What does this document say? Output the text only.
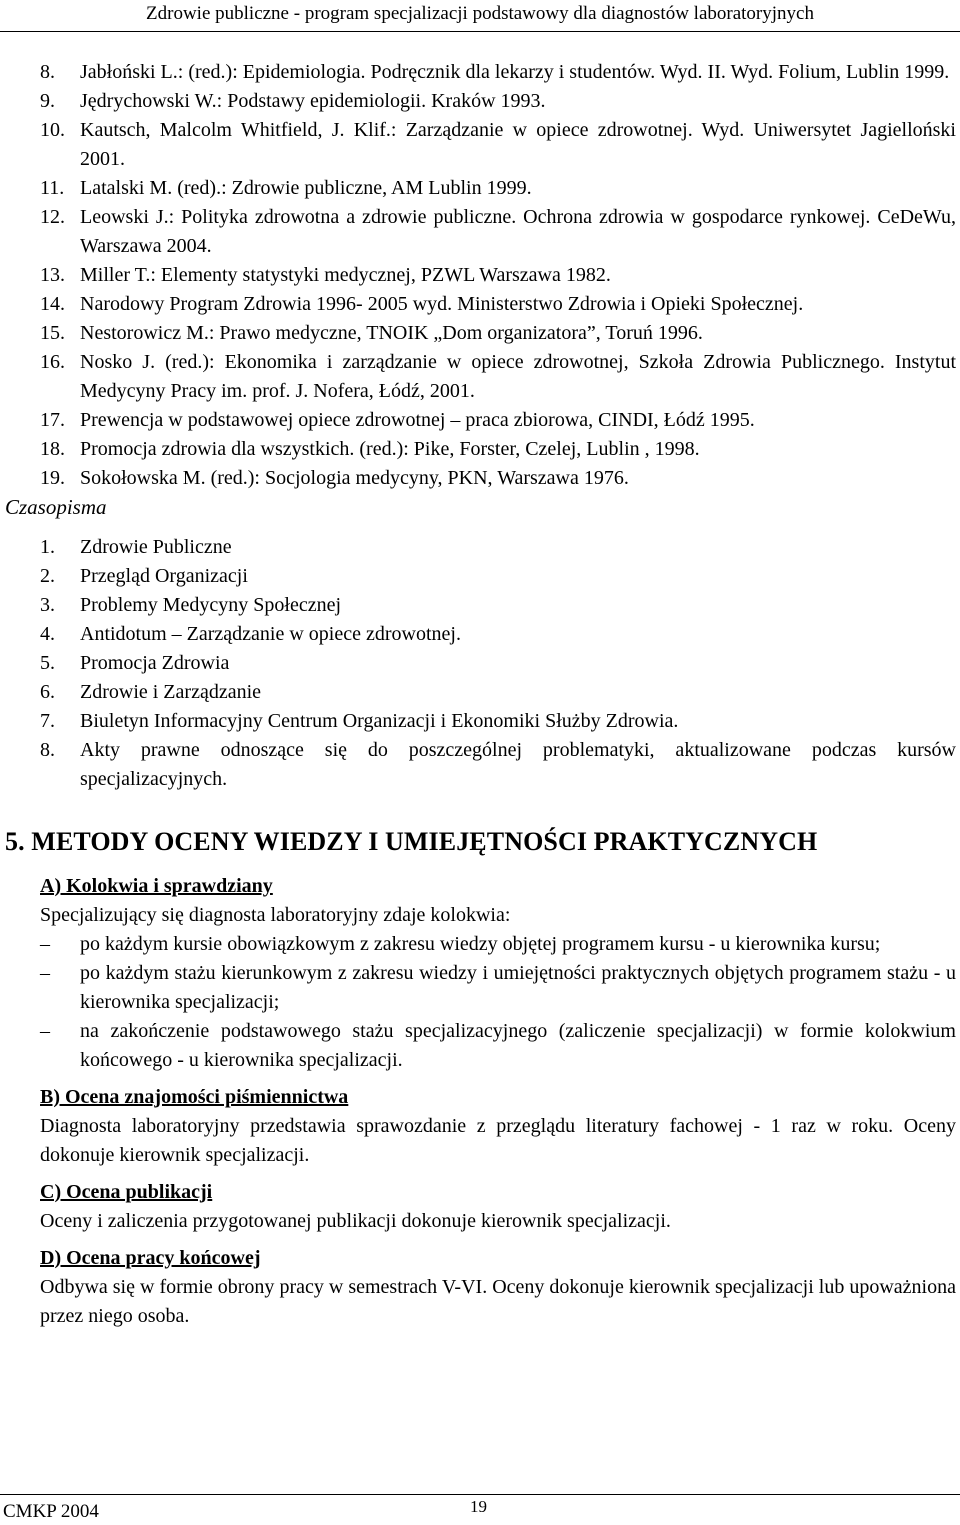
Zdrowie publiczne - program specjalizacji podstawowy dla diagnostów laboratoryjnych
8. Jabłoński L.: (red.): Epidemiologia. Podręcznik dla lekarzy i studentów. Wyd. II. Wyd. Folium, Lublin 1999.
9. Jędrychowski W.: Podstawy epidemiologii. Kraków 1993.
10. Kautsch, Malcolm Whitfield, J. Klif.: Zarządzanie w opiece zdrowotnej. Wyd. Uniwersytet Jagielloński 2001.
11. Latalski M. (red).: Zdrowie publiczne, AM Lublin 1999.
12. Leowski J.: Polityka zdrowotna a zdrowie publiczne. Ochrona zdrowia w gospodarce rynkowej. CeDeWu, Warszawa 2004.
13. Miller T.: Elementy statystyki medycznej, PZWL Warszawa 1982.
14. Narodowy Program Zdrowia 1996- 2005 wyd. Ministerstwo Zdrowia i Opieki Społecznej.
15. Nestorowicz M.: Prawo medyczne, TNOIK „Dom organizatora”, Toruń 1996.
16. Nosko J. (red.): Ekonomika i zarządzanie w opiece zdrowotnej, Szkoła Zdrowia Publicznego. Instytut Medycyny Pracy im. prof. J. Nofera, Łódź, 2001.
17. Prewencja w podstawowej opiece zdrowotnej – praca zbiorowa, CINDI, Łódź 1995.
18. Promocja zdrowia dla wszystkich. (red.): Pike, Forster, Czelej, Lublin , 1998.
19. Sokołowska M. (red.): Socjologia medycyny, PKN, Warszawa 1976.
Czasopisma
1. Zdrowie Publiczne
2. Przegląd Organizacji
3. Problemy Medycyny Społecznej
4. Antidotum – Zarządzanie w opiece zdrowotnej.
5. Promocja Zdrowia
6. Zdrowie i Zarządzanie
7. Biuletyn Informacyjny Centrum Organizacji i Ekonomiki Służby Zdrowia.
8. Akty prawne odnoszące się do poszczególnej problematyki, aktualizowane podczas kursów specjalizacyjnych.
5. METODY OCENY WIEDZY I UMIEJĘTNOŚCI PRAKTYCZNYCH
A) Kolokwia i sprawdziany
Specjalizujący się diagnosta laboratoryjny zdaje kolokwia:
– po każdym kursie obowiązkowym z zakresu wiedzy objętej programem kursu - u kierownika kursu;
– po każdym stażu kierunkowym z zakresu wiedzy i umiejętności praktycznych objętych programem stażu - u kierownika specjalizacji;
– na zakończenie podstawowego stażu specjalizacyjnego (zaliczenie specjalizacji) w formie kolokwium końcowego - u kierownika specjalizacji.
B) Ocena znajomości piśmiennictwa
Diagnosta laboratoryjny przedstawia sprawozdanie z przeglądu literatury fachowej - 1 raz w roku. Oceny dokonuje kierownik specjalizacji.
C) Ocena publikacji
Oceny i zaliczenia przygotowanej publikacji dokonuje kierownik specjalizacji.
D) Ocena pracy końcowej
Odbywa się w formie obrony pracy w semestrach V-VI. Oceny dokonuje kierownik specjalizacji lub upoważniona przez niego osoba.
CMKP 2004	19
